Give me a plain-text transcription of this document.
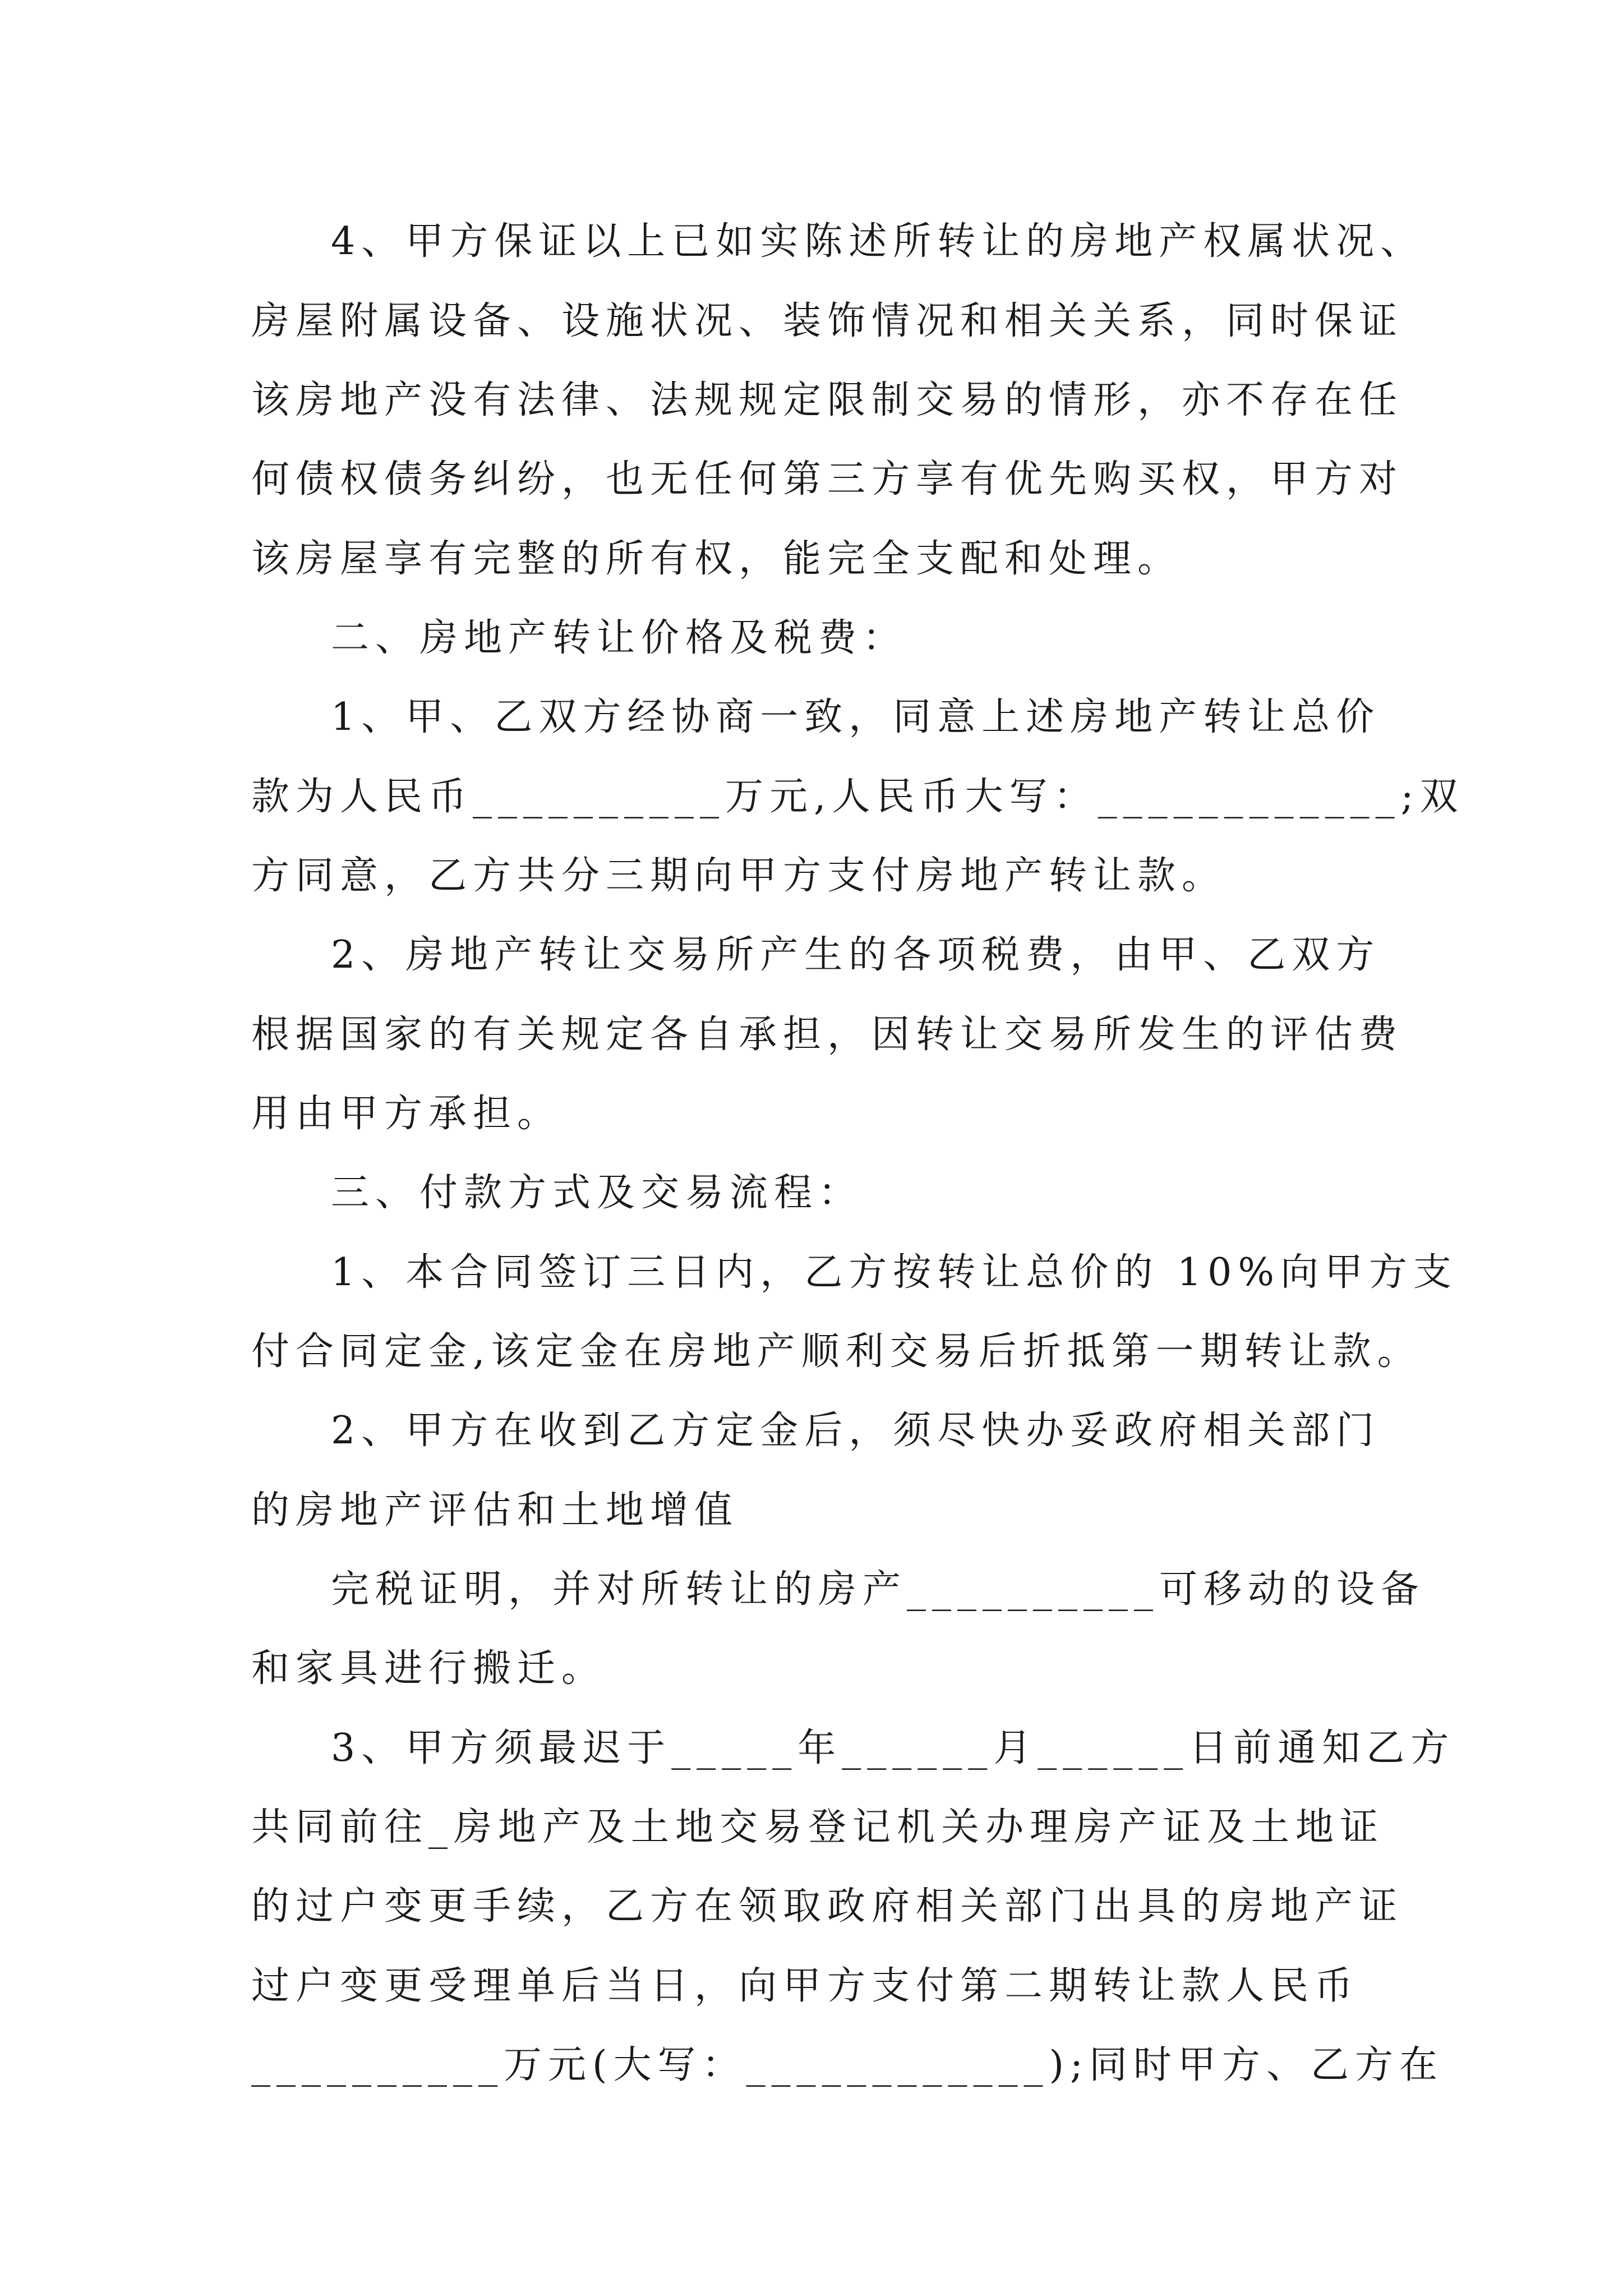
4、甲方保证以上已如实陈述所转让的房地产权属状况、

房屋附属设备、设施状况、装饰情况和相关关系，同时保证

该房地产没有法律、法规规定限制交易的情形，亦不存在任

何债权债务纠纷，也无任何第三方享有优先购买权，甲方对

该房屋享有完整的所有权，能完全支配和处理。

二、房地产转让价格及税费：

1、甲、乙双方经协商一致，同意上述房地产转让总价

款为人民币__________万元,人民币大写：____________;双

方同意，乙方共分三期向甲方支付房地产转让款。

2、房地产转让交易所产生的各项税费，由甲、乙双方

根据国家的有关规定各自承担，因转让交易所发生的评估费

用由甲方承担。

三、付款方式及交易流程：

1、本合同签订三日内，乙方按转让总价的 10%向甲方支

付合同定金,该定金在房地产顺利交易后折抵第一期转让款。

2、甲方在收到乙方定金后，须尽快办妥政府相关部门

的房地产评估和土地增值

完税证明，并对所转让的房产__________可移动的设备

和家具进行搬迁。

3、甲方须最迟于_____年______月______日前通知乙方

共同前往_房地产及土地交易登记机关办理房产证及土地证

的过户变更手续，乙方在领取政府相关部门出具的房地产证

过户变更受理单后当日，向甲方支付第二期转让款人民币

__________万元(大写：____________);同时甲方、乙方在
